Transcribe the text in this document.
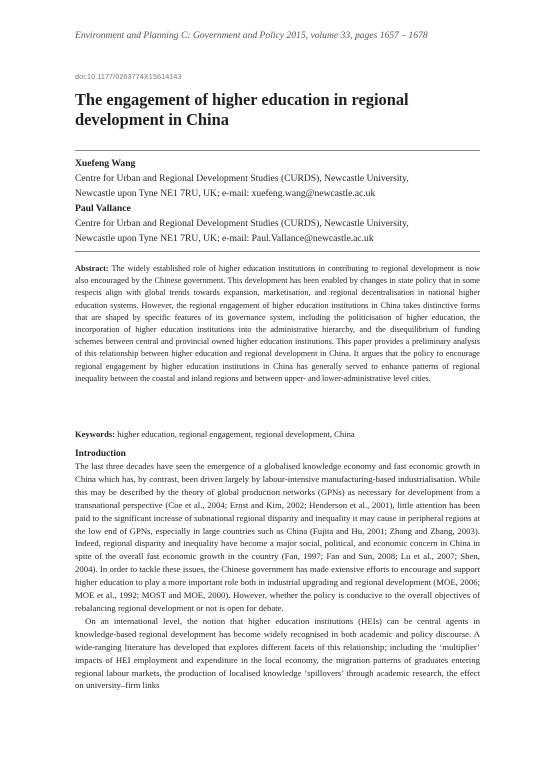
Environment and Planning C: Government and Policy 2015, volume 33, pages 1657 – 1678
doi:10.1177/0263774X15614143
The engagement of higher education in regional development in China
Xuefeng Wang
Centre for Urban and Regional Development Studies (CURDS), Newcastle University,
Newcastle upon Tyne NE1 7RU, UK; e-mail: xuefeng.wang@newcastle.ac.uk
Paul Vallance
Centre for Urban and Regional Development Studies (CURDS), Newcastle University,
Newcastle upon Tyne NE1 7RU, UK; e-mail: Paul.Vallance@newcastle.ac.uk
Abstract: The widely established role of higher education institutions in contributing to regional development is now also encouraged by the Chinese government. This development has been enabled by changes in state policy that in some respects align with global trends towards expansion, marketisation, and regional decentralisation in national higher education systems. However, the regional engagement of higher education institutions in China takes distinctive forms that are shaped by specific features of its governance system, including the politicisation of higher education, the incorporation of higher education institutions into the administrative hierarchy, and the disequilibrium of funding schemes between central and provincial owned higher education institutions. This paper provides a preliminary analysis of this relationship between higher education and regional development in China. It argues that the policy to encourage regional engagement by higher education institutions in China has generally served to enhance patterns of regional inequality between the coastal and inland regions and between upper- and lower-administrative level cities.
Keywords: higher education, regional engagement, regional development, China
Introduction

The last three decades have seen the emergence of a globalised knowledge economy and fast economic growth in China which has, by contrast, been driven largely by labour-intensive manufacturing-based industrialisation. While this may be described by the theory of global production networks (GPNs) as necessary for development from a transnational perspective (Coe et al., 2004; Ernst and Kim, 2002; Henderson et al., 2001), little attention has been paid to the significant increase of subnational regional disparity and inequality it may cause in peripheral regions at the low end of GPNs, especially in large countries such as China (Fujita and Hu, 2001; Zhang and Zhang, 2003). Indeed, regional disparity and inequality have become a major social, political, and economic concern in China in spite of the overall fast economic growth in the country (Fan, 1997; Fan and Sun, 2008; Lu et al., 2007; Shen, 2004). In order to tackle these issues, the Chinese government has made extensive efforts to encourage and support higher education to play a more important role both in industrial upgrading and regional development (MOE, 2006; MOE et al., 1992; MOST and MOE, 2000). However, whether the policy is conducive to the overall objectives of rebalancing regional development or not is open for debate.

On an international level, the notion that higher education institutions (HEIs) can be central agents in knowledge-based regional development has become widely recognised in both academic and policy discourse. A wide-ranging literature has developed that explores different facets of this relationship; including the ‘multiplier’ impacts of HEI employment and expenditure in the local economy, the migration patterns of graduates entering regional labour markets, the production of localised knowledge ‘spillovers’ through academic research, the effect on university–firm links
